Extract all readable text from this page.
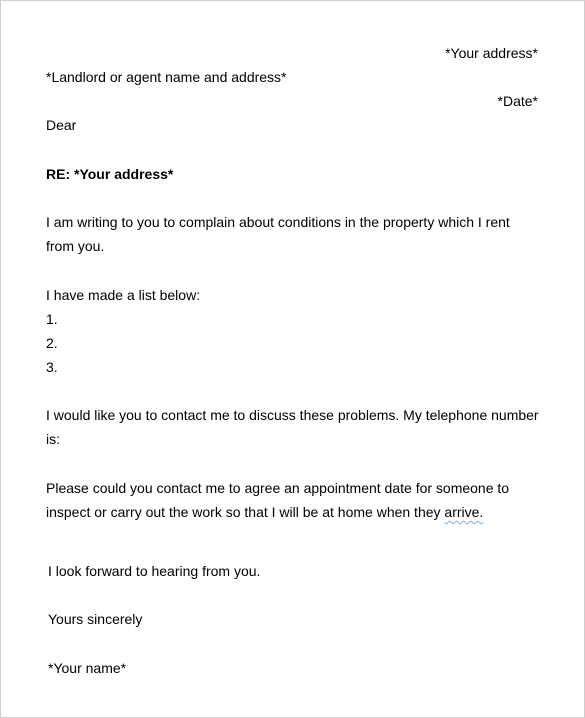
*Your address*
*Landlord or agent name and address*
*Date*
Dear
RE: *Your address*
I am writing to you to complain about conditions in the property which I rent
from you.
I have made a list below:
1.
2.
3.
I would like you to contact me to discuss these problems. My telephone number
is:
Please could you contact me to agree an appointment date for someone to
inspect or carry out the work so that I will be at home when they arrive.
I look forward to hearing from you.
Yours sincerely
*Your name*
